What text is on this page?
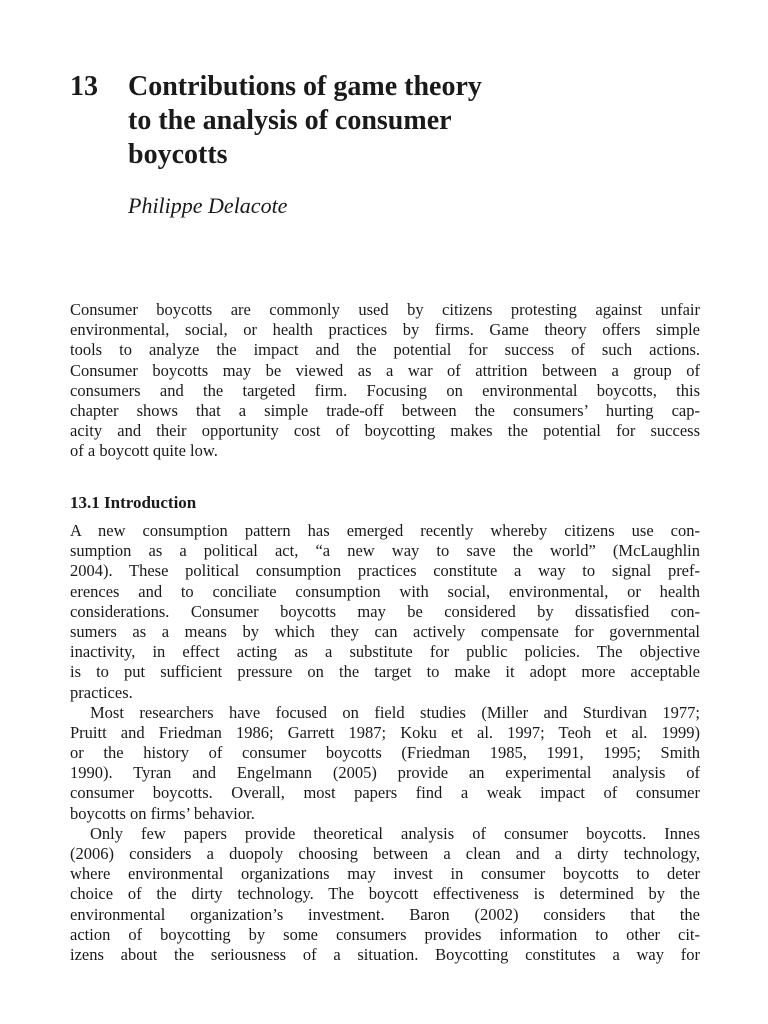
13 Contributions of game theory
to the analysis of consumer
boycotts
Philippe Delacote
Consumer boycotts are commonly used by citizens protesting against unfair
environmental, social, or health practices by firms. Game theory offers simple
tools to analyze the impact and the potential for success of such actions.
Consumer boycotts may be viewed as a war of attrition between a group of
consumers and the targeted firm. Focusing on environmental boycotts, this
chapter shows that a simple trade-off between the consumers’ hurting cap-
acity and their opportunity cost of boycotting makes the potential for success
of a boycott quite low.
13.1 Introduction
A new consumption pattern has emerged recently whereby citizens use con-
sumption as a political act, “a new way to save the world” (McLaughlin
2004). These political consumption practices constitute a way to signal pref-
erences and to conciliate consumption with social, environmental, or health
considerations. Consumer boycotts may be considered by dissatisfied con-
sumers as a means by which they can actively compensate for governmental
inactivity, in effect acting as a substitute for public policies. The objective
is to put sufficient pressure on the target to make it adopt more acceptable
practices.
Most researchers have focused on field studies (Miller and Sturdivan 1977;
Pruitt and Friedman 1986; Garrett 1987; Koku et al. 1997; Teoh et al. 1999)
or the history of consumer boycotts (Friedman 1985, 1991, 1995; Smith
1990). Tyran and Engelmann (2005) provide an experimental analysis of
consumer boycotts. Overall, most papers find a weak impact of consumer
boycotts on firms’ behavior.
Only few papers provide theoretical analysis of consumer boycotts. Innes
(2006) considers a duopoly choosing between a clean and a dirty technology,
where environmental organizations may invest in consumer boycotts to deter
choice of the dirty technology. The boycott effectiveness is determined by the
environmental organization’s investment. Baron (2002) considers that the
action of boycotting by some consumers provides information to other cit-
izens about the seriousness of a situation. Boycotting constitutes a way for
